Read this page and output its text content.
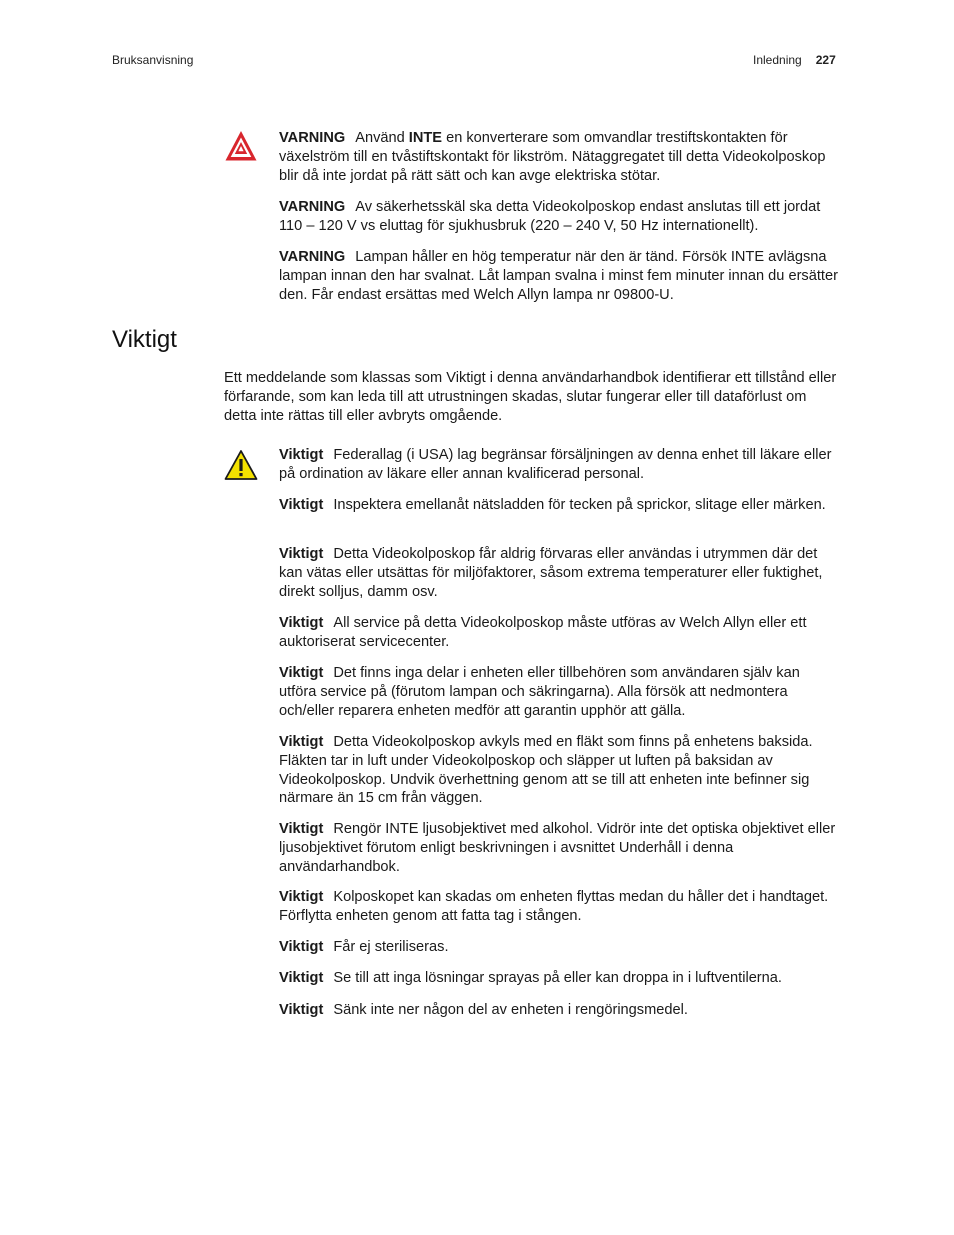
Bruksanvisning	Inledning 227
VARNING Använd INTE en konverterare som omvandlar trestiftskontakten för växelström till en tvåstiftskontakt för likström. Nätaggregatet till detta Videokolposkop blir då inte jordat på rätt sätt och kan avge elektriska stötar.
VARNING Av säkerhetsskäl ska detta Videokolposkop endast anslutas till ett jordat 110 – 120 V vs eluttag för sjukhusbruk (220 – 240 V, 50 Hz internationellt).
VARNING Lampan håller en hög temperatur när den är tänd. Försök INTE avlägsna lampan innan den har svalnat. Låt lampan svalna i minst fem minuter innan du ersätter den. Får endast ersättas med Welch Allyn lampa nr 09800-U.
Viktigt
Ett meddelande som klassas som Viktigt i denna användarhandbok identifierar ett tillstånd eller förfarande, som kan leda till att utrustningen skadas, slutar fungerar eller till dataförlust om detta inte rättas till eller avbryts omgående.
Viktigt Federallag (i USA) lag begränsar försäljningen av denna enhet till läkare eller på ordination av läkare eller annan kvalificerad personal.
Viktigt Inspektera emellanåt nätsladden för tecken på sprickor, slitage eller märken.
Viktigt Detta Videokolposkop får aldrig förvaras eller användas i utrymmen där det kan vätas eller utsättas för miljöfaktorer, såsom extrema temperaturer eller fuktighet, direkt solljus, damm osv.
Viktigt All service på detta Videokolposkop måste utföras av Welch Allyn eller ett auktoriserat servicecenter.
Viktigt Det finns inga delar i enheten eller tillbehören som användaren själv kan utföra service på (förutom lampan och säkringarna). Alla försök att nedmontera och/eller reparera enheten medför att garantin upphör att gälla.
Viktigt Detta Videokolposkop avkyls med en fläkt som finns på enhetens baksida. Fläkten tar in luft under Videokolposkop och släpper ut luften på baksidan av Videokolposkop. Undvik överhettning genom att se till att enheten inte befinner sig närmare än 15 cm från väggen.
Viktigt Rengör INTE ljusobjektivet med alkohol. Vidrör inte det optiska objektivet eller ljusobjektivet förutom enligt beskrivningen i avsnittet Underhåll i denna användarhandbok.
Viktigt Kolposkopet kan skadas om enheten flyttas medan du håller det i handtaget. Förflytta enheten genom att fatta tag i stången.
Viktigt Får ej steriliseras.
Viktigt Se till att inga lösningar sprayas på eller kan droppa in i luftventilerna.
Viktigt Sänk inte ner någon del av enheten i rengöringsmedel.
